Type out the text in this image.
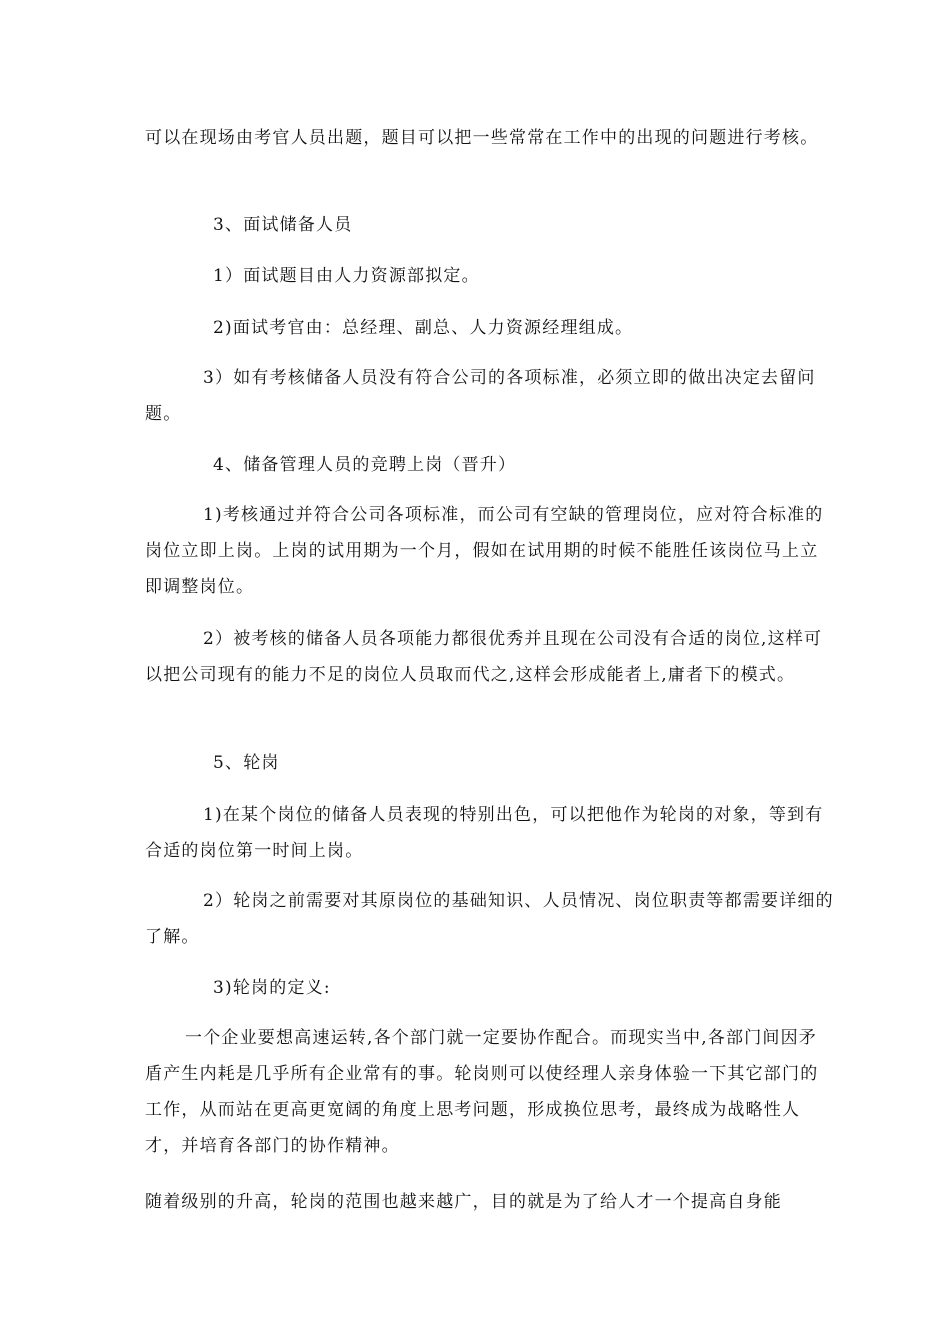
可以在现场由考官人员出题，题目可以把一些常常在工作中的出现的问题进行考核。

3、面试储备人员

1）面试题目由人力资源部拟定。

2)面试考官由：总经理、副总、人力资源经理组成。

3）如有考核储备人员没有符合公司的各项标准，必须立即的做出决定去留问题。

4、储备管理人员的竞聘上岗（晋升）

1)考核通过并符合公司各项标准，而公司有空缺的管理岗位，应对符合标准的岗位立即上岗。上岗的试用期为一个月，假如在试用期的时候不能胜任该岗位马上立即调整岗位。

2）被考核的储备人员各项能力都很优秀并且现在公司没有合适的岗位,这样可以把公司现有的能力不足的岗位人员取而代之,这样会形成能者上,庸者下的模式。

5、轮岗

1)在某个岗位的储备人员表现的特别出色，可以把他作为轮岗的对象，等到有合适的岗位第一时间上岗。

2）轮岗之前需要对其原岗位的基础知识、人员情况、岗位职责等都需要详细的了解。

3)轮岗的定义:

一个企业要想高速运转,各个部门就一定要协作配合。而现实当中,各部门间因矛盾产生内耗是几乎所有企业常有的事。轮岗则可以使经理人亲身体验一下其它部门的工作，从而站在更高更宽阔的角度上思考问题，形成换位思考，最终成为战略性人才，并培育各部门的协作精神。

随着级别的升高，轮岗的范围也越来越广，目的就是为了给人才一个提高自身能
